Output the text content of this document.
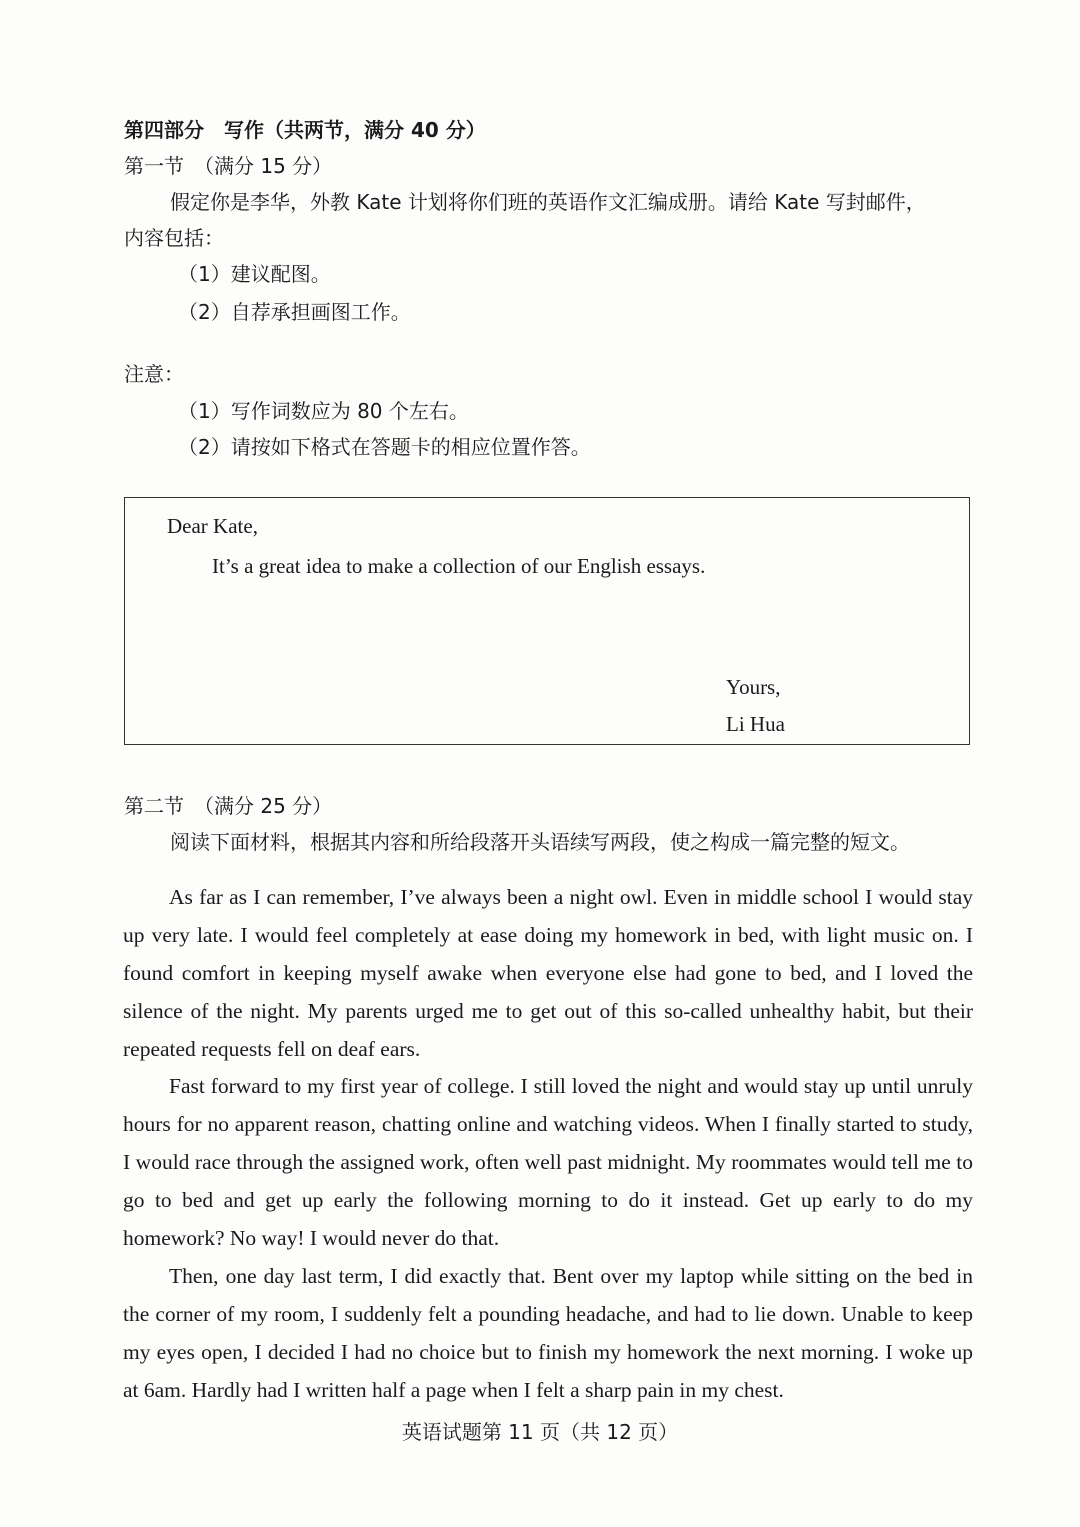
第四部分　写作（共两节，满分 40 分）
第一节　（满分 15 分）
假定你是李华，外教 Kate 计划将你们班的英语作文汇编成册。请给 Kate 写封邮件，
内容包括：
（1）建议配图。
（2）自荐承担画图工作。
注意：
（1）写作词数应为 80 个左右。
（2）请按如下格式在答题卡的相应位置作答。
Dear Kate,
It’s a great idea to make a collection of our English essays.
Yours,
Li Hua
第二节　（满分 25 分）
阅读下面材料，根据其内容和所给段落开头语续写两段，使之构成一篇完整的短文。

As far as I can remember, I’ve always been a night owl. Even in middle school I would stay up very late. I would feel completely at ease doing my homework in bed, with light music on. I found comfort in keeping myself awake when everyone else had gone to bed, and I loved the silence of the night. My parents urged me to get out of this so-called unhealthy habit, but their repeated requests fell on deaf ears.

Fast forward to my first year of college. I still loved the night and would stay up until unruly hours for no apparent reason, chatting online and watching videos. When I finally started to study, I would race through the assigned work, often well past midnight. My roommates would tell me to go to bed and get up early the following morning to do it instead. Get up early to do my homework? No way! I would never do that.

Then, one day last term, I did exactly that. Bent over my laptop while sitting on the bed in the corner of my room, I suddenly felt a pounding headache, and had to lie down. Unable to keep my eyes open, I decided I had no choice but to finish my homework the next morning. I woke up at 6am. Hardly had I written half a page when I felt a sharp pain in my chest.

英语试题第 11 页（共 12 页）
